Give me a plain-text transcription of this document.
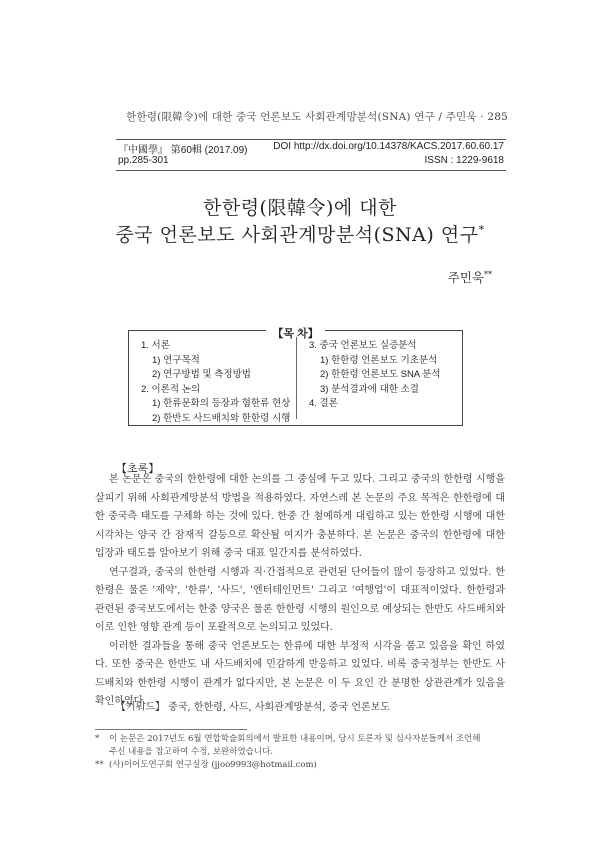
한한령(限韓令)에 대한 중국 언론보도 사회관계망분석(SNA) 연구 / 주민욱 · 285
『中國學』 第60輯 (2017.09)	DOI http://dx.doi.org/10.14378/KACS.2017.60.60.17
pp.285-301	ISSN : 1229-9618
한한령(限韓令)에 대한
중국 언론보도 사회관계망분석(SNA) 연구*
주민욱**
【목 차】
1. 서론
1) 연구목적
2) 연구방법 및 측정방법
2. 이론적 논의
1) 한류문화의 등장과 혐한류 현상
2) 한반도 사드배치와 한한령 시행
3. 중국 언론보도 실증분석
1) 한한령 언론보도 기초분석
2) 한한령 언론보도 SNA 분석
3) 분석결과에 대한 소결
4. 결론
【초록】

본 논문은 중국의 한한령에 대한 논의를 그 중심에 두고 있다. 그리고 중국의 한한령 시행을 살피기 위해 사회관계망분석 방법을 적용하였다. 자연스레 본 논문의 주요 목적은 한한령에 대한 중국측 태도를 구체화 하는 것에 있다. 한중 간 첨예하게 대립하고 있는 한한령 시행에 대한 시각차는 양국 간 잠재적 갈등으로 확산될 여지가 충분하다. 본 논문은 중국의 한한령에 대한 입장과 태도를 알아보기 위해 중국 대표 일간지를 분석하였다.

연구결과, 중국의 한한령 시행과 직·간접적으로 관련된 단어들이 많이 등장하고 있었다. 한한령은 물론 '제약', '한류', '사드', '엔터테인먼트' 그리고 '여행업'이 대표적이었다. 한한령과 관련된 중국보도에서는 한중 양국은 물론 한한령 시행의 원인으로 예상되는 한반도 사드배치와 이로 인한 영향 관계 등이 포괄적으로 논의되고 있었다.

이러한 결과들을 통해 중국 언론보도는 한류에 대한 부정적 시각을 품고 있음을 확인 하였다. 또한 중국은 한반도 내 사드배치에 민감하게 반응하고 있었다. 비록 중국정부는 한반도 사드배치와 한한령 시행이 관계가 없다지만, 본 논문은 이 두 요인 간 분명한 상관관계가 있음을 확인하였다.

【키워드】 중국, 한한령, 사드, 사회관계망분석, 중국 언론보도
* 이 논문은 2017년도 6월 연합학술회의에서 발표한 내용이며, 당시 토론자 및 심사자분들께서 조언해
주신 내용을 참고하여 수정, 보완하였습니다.
** (사)이어도연구회 연구실장 (jjoo9993@hotmail.com)
